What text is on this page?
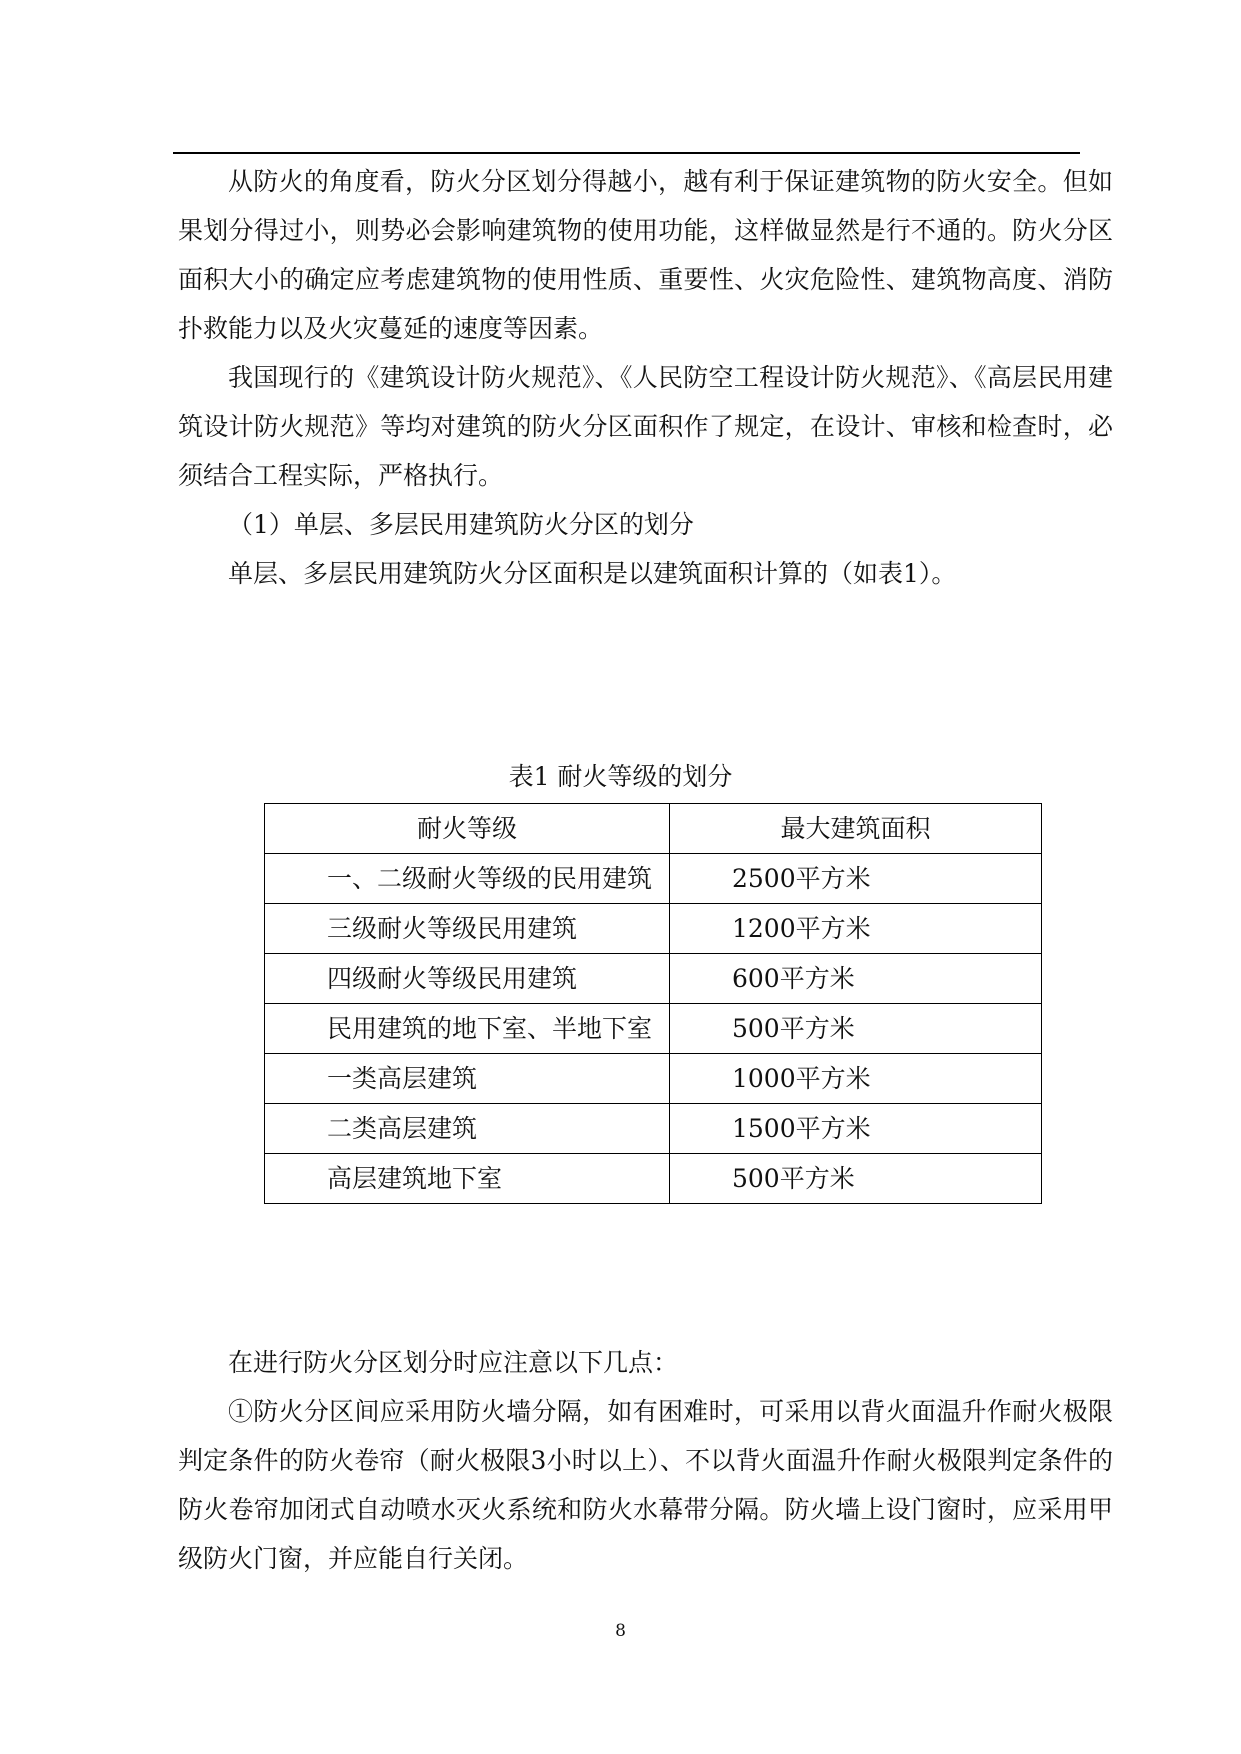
从防火的角度看，防火分区划分得越小，越有利于保证建筑物的防火安全。但如果划分得过小，则势必会影响建筑物的使用功能，这样做显然是行不通的。防火分区面积大小的确定应考虑建筑物的使用性质、重要性、火灾危险性、建筑物高度、消防扑救能力以及火灾蔓延的速度等因素。

我国现行的《建筑设计防火规范》、《人民防空工程设计防火规范》、《高层民用建筑设计防火规范》等均对建筑的防火分区面积作了规定，在设计、审核和检查时，必须结合工程实际，严格执行。

（1）单层、多层民用建筑防火分区的划分

单层、多层民用建筑防火分区面积是以建筑面积计算的（如表1）。

表1 耐火等级的划分
耐火等级	最大建筑面积
一、二级耐火等级的民用建筑	2500平方米
三级耐火等级民用建筑	1200平方米
四级耐火等级民用建筑	600平方米
民用建筑的地下室、半地下室	500平方米
一类高层建筑	1000平方米
二类高层建筑	1500平方米
高层建筑地下室	500平方米

在进行防火分区划分时应注意以下几点：

①防火分区间应采用防火墙分隔，如有困难时，可采用以背火面温升作耐火极限判定条件的防火卷帘（耐火极限3小时以上）、不以背火面温升作耐火极限判定条件的防火卷帘加闭式自动喷水灭火系统和防火水幕带分隔。防火墙上设门窗时，应采用甲级防火门窗，并应能自行关闭。

8
